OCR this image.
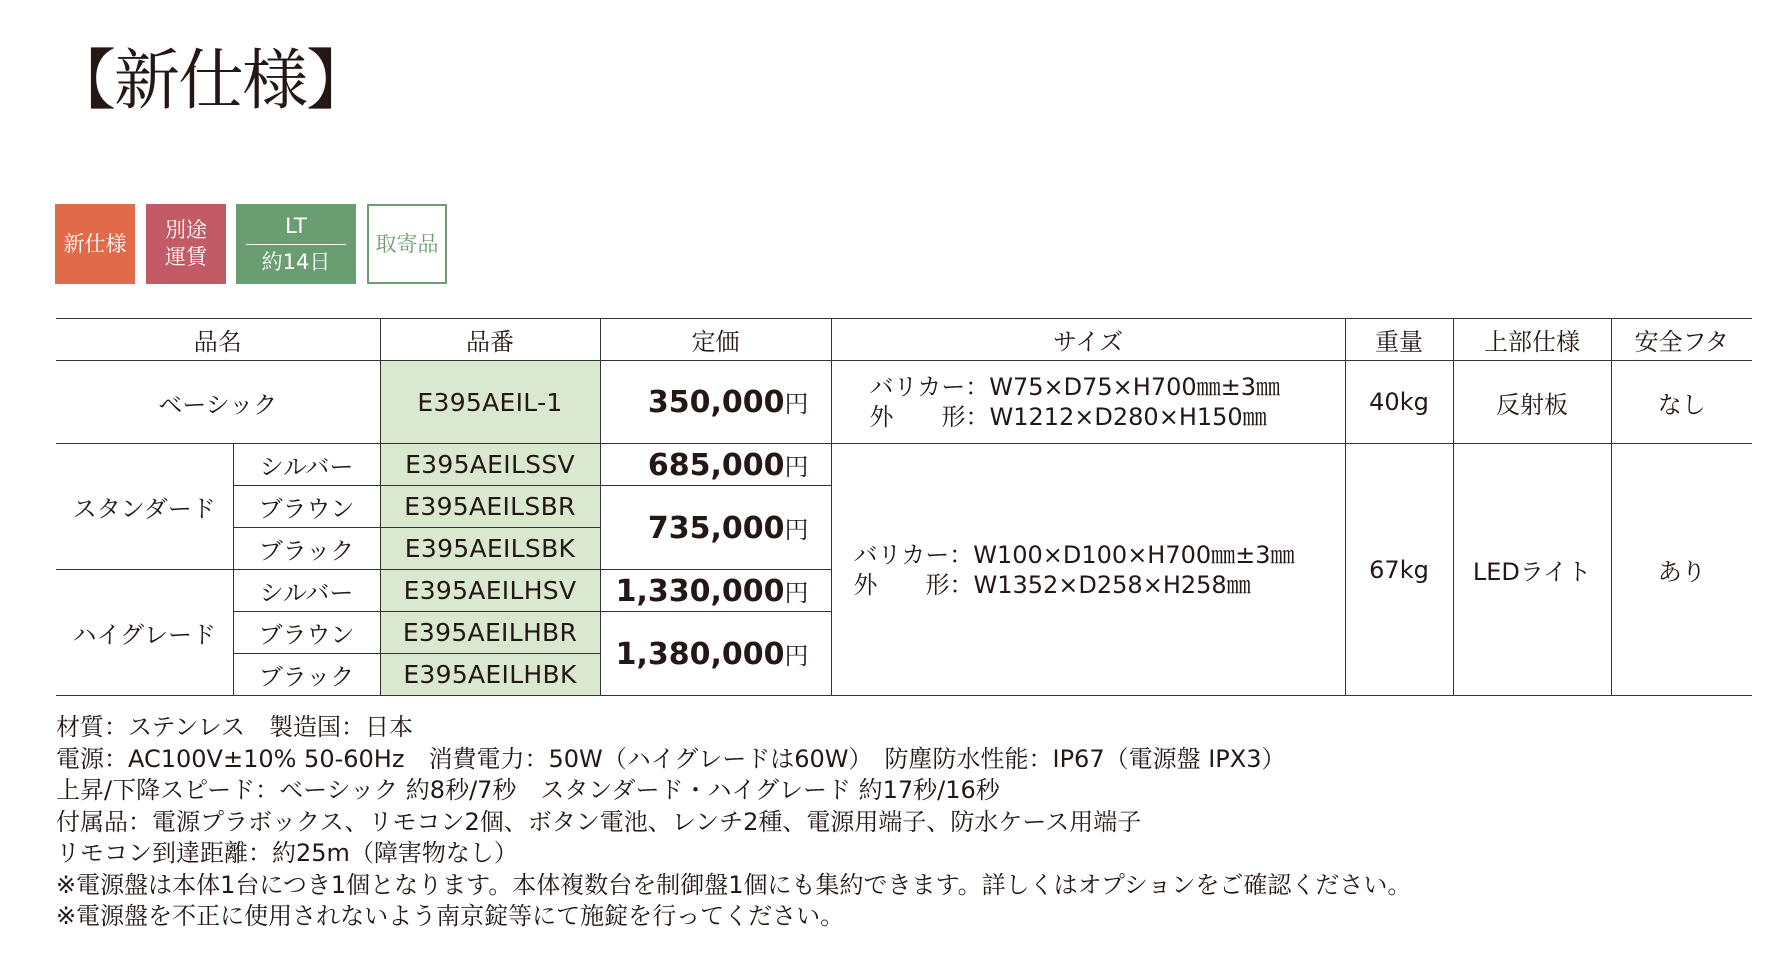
【新仕様】
新仕様
別途
運賃
LT
約14日
取寄品
品名		品番	定価	サイズ	重量	上部仕様	安全フタ
ベーシック		E395AEIL-1	350,000円	バリカー：W75×D75×H700㎜±3㎜
外　　形：W1212×D280×H150㎜	40kg	反射板	なし
スタンダード	シルバー	E395AEILSSV	685,000円	バリカー：W100×D100×H700㎜±3㎜
外　　形：W1352×D258×H258㎜	67kg	LEDライト	あり
	ブラウン	E395AEILSBR	735,000円				
	ブラック	E395AEILSBK					
ハイグレード	シルバー	E395AEILHSV	1,330,000円				
	ブラウン	E395AEILHBR	1,380,000円				
	ブラック	E395AEILHBK					
材質：ステンレス　製造国：日本
電源：AC100V±10% 50-60Hz　消費電力：50W（ハイグレードは60W）　防塵防水性能：IP67（電源盤 IPX3）
上昇/下降スピード：ベーシック 約8秒/7秒　スタンダード・ハイグレード 約17秒/16秒
付属品：電源プラボックス、リモコン2個、ボタン電池、レンチ2種、電源用端子、防水ケース用端子
リモコン到達距離：約25m（障害物なし）
※電源盤は本体1台につき1個となります。本体複数台を制御盤1個にも集約できます。詳しくはオプションをご確認ください。
※電源盤を不正に使用されないよう南京錠等にて施錠を行ってください。
